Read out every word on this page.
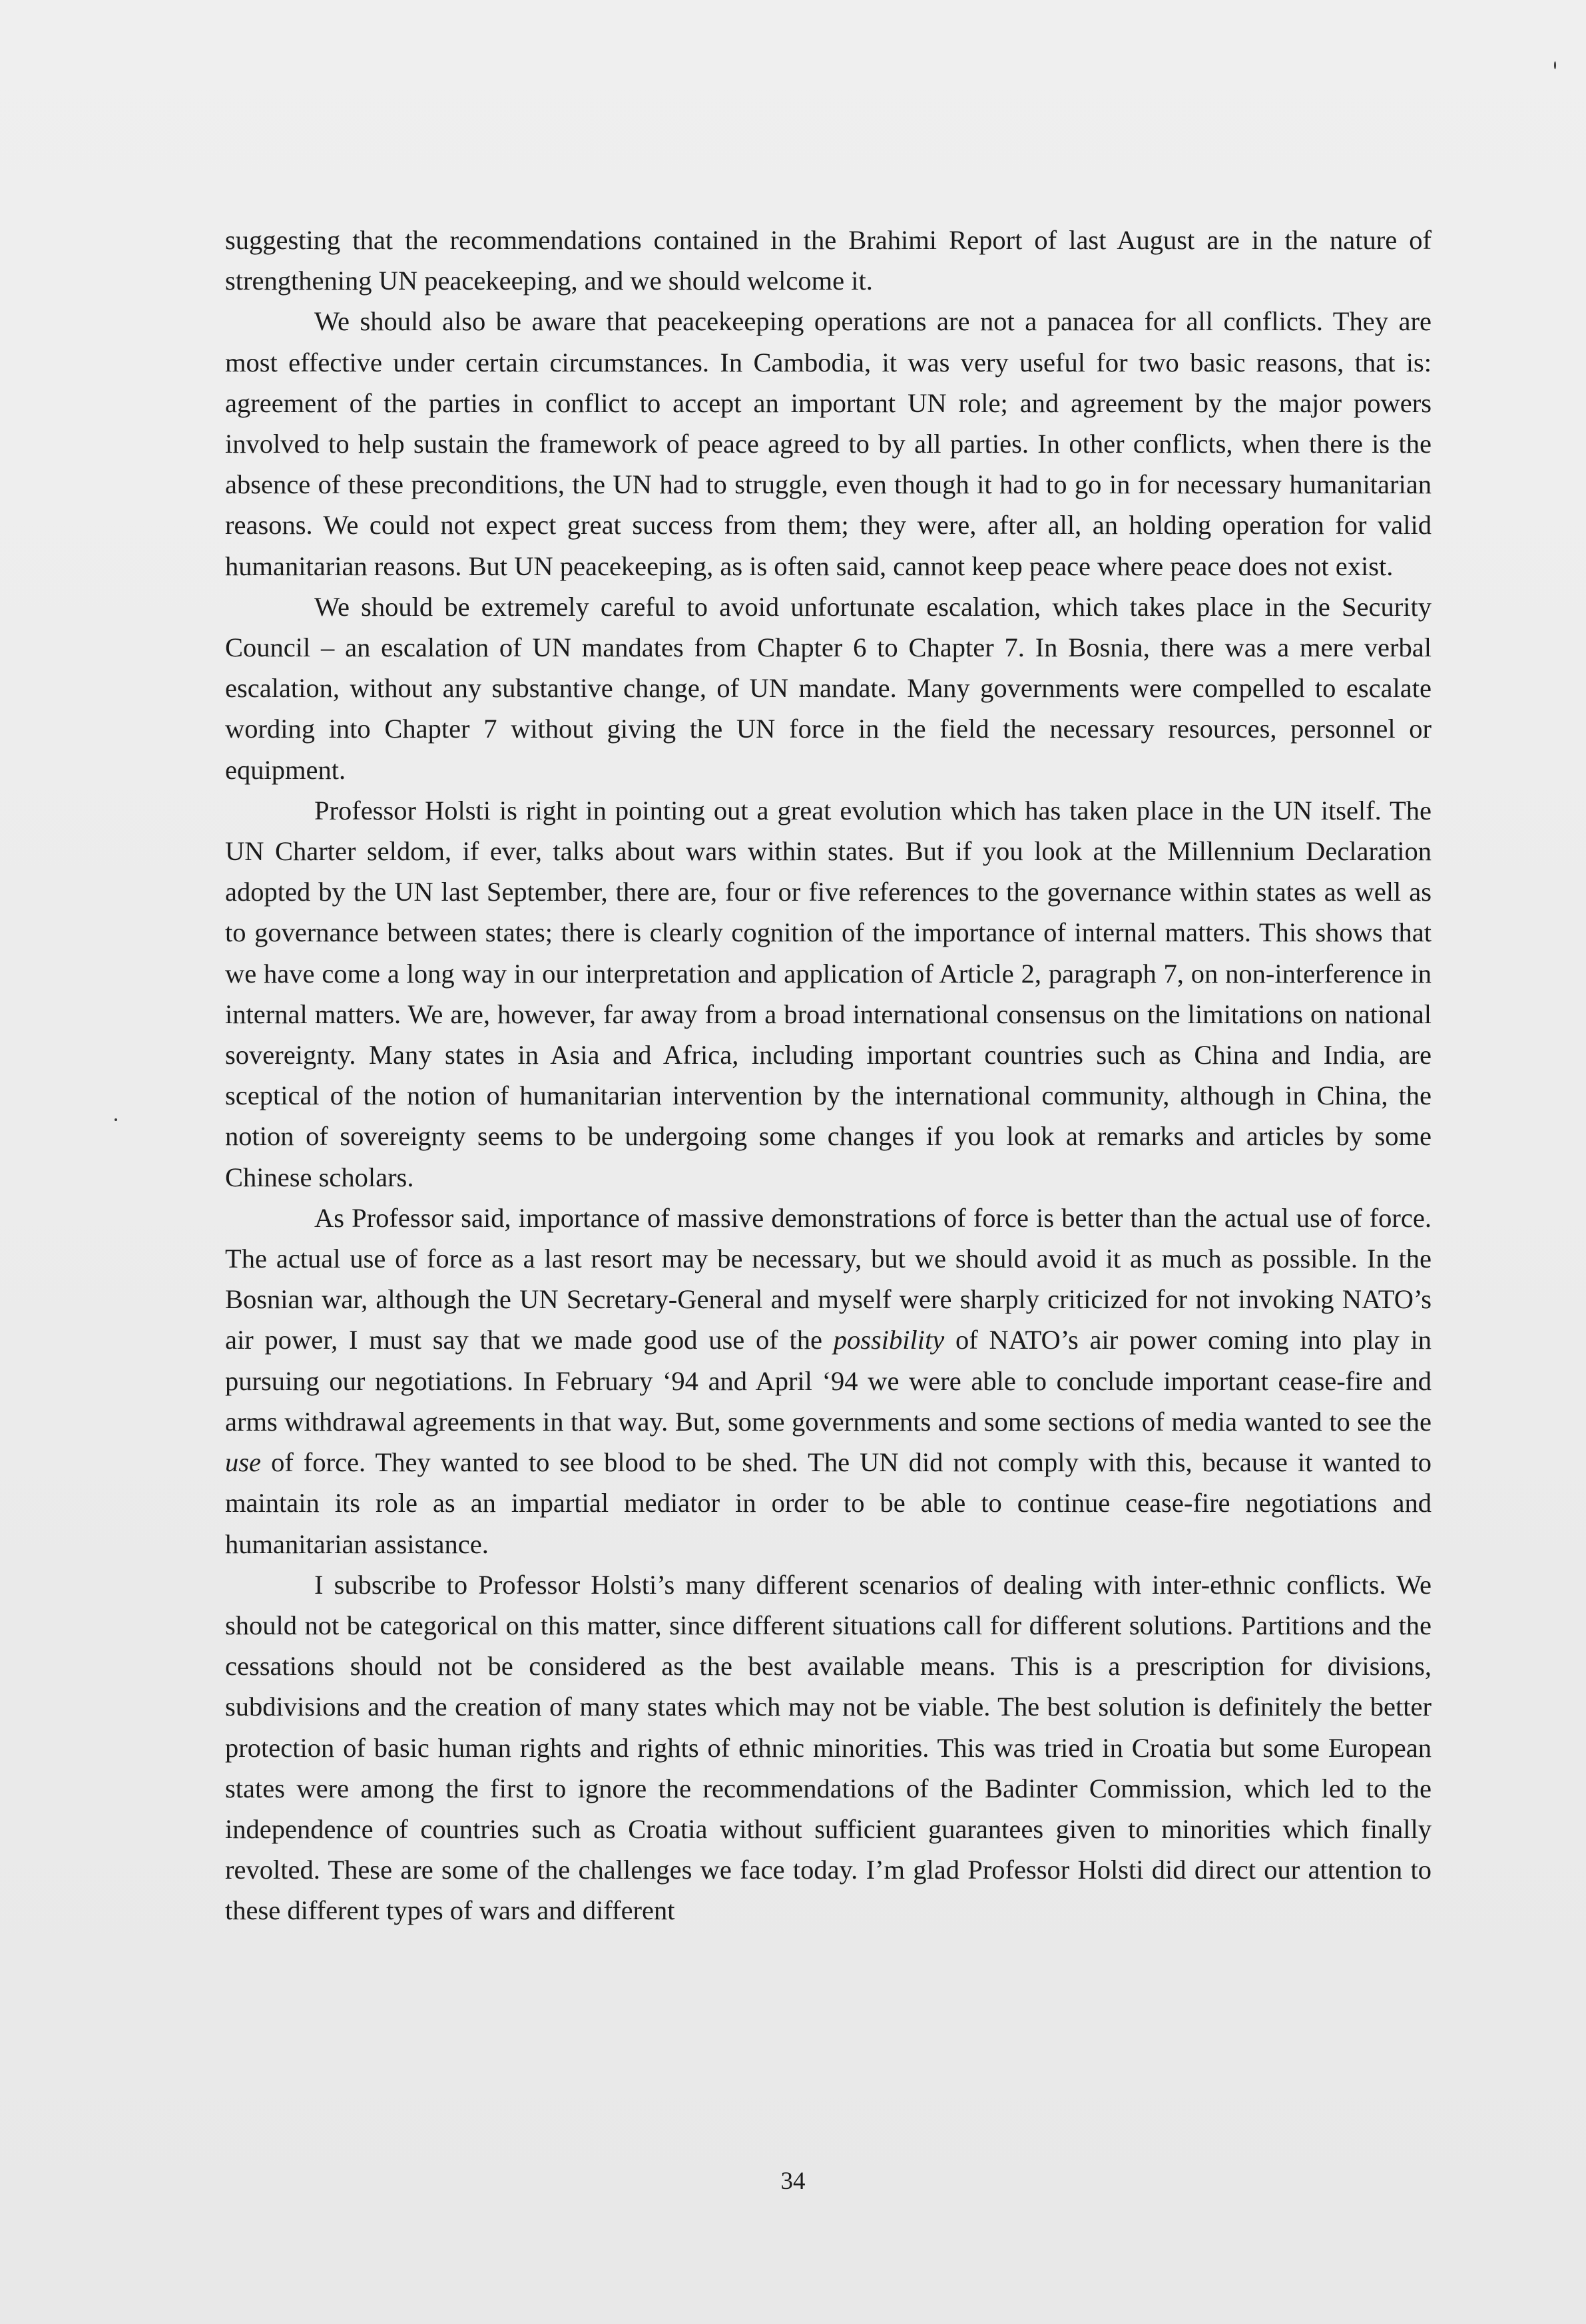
suggesting that the recommendations contained in the Brahimi Report of last August are in the nature of strengthening UN peacekeeping, and we should welcome it.

We should also be aware that peacekeeping operations are not a panacea for all conflicts. They are most effective under certain circumstances. In Cambodia, it was very useful for two basic reasons, that is: agreement of the parties in conflict to accept an important UN role; and agreement by the major powers involved to help sustain the framework of peace agreed to by all parties. In other conflicts, when there is the absence of these preconditions, the UN had to struggle, even though it had to go in for necessary humanitarian reasons. We could not expect great success from them; they were, after all, an holding operation for valid humanitarian reasons. But UN peacekeeping, as is often said, cannot keep peace where peace does not exist.

We should be extremely careful to avoid unfortunate escalation, which takes place in the Security Council – an escalation of UN mandates from Chapter 6 to Chapter 7. In Bosnia, there was a mere verbal escalation, without any substantive change, of UN mandate. Many governments were compelled to escalate wording into Chapter 7 without giving the UN force in the field the necessary resources, personnel or equipment.

Professor Holsti is right in pointing out a great evolution which has taken place in the UN itself. The UN Charter seldom, if ever, talks about wars within states. But if you look at the Millennium Declaration adopted by the UN last September, there are, four or five references to the governance within states as well as to governance between states; there is clearly cognition of the importance of internal matters. This shows that we have come a long way in our interpretation and application of Article 2, paragraph 7, on non-interference in internal matters. We are, however, far away from a broad international consensus on the limitations on national sovereignty. Many states in Asia and Africa, including important countries such as China and India, are sceptical of the notion of humanitarian intervention by the international community, although in China, the notion of sovereignty seems to be undergoing some changes if you look at remarks and articles by some Chinese scholars.

As Professor said, importance of massive demonstrations of force is better than the actual use of force. The actual use of force as a last resort may be necessary, but we should avoid it as much as possible. In the Bosnian war, although the UN Secretary-General and myself were sharply criticized for not invoking NATO’s air power, I must say that we made good use of the possibility of NATO’s air power coming into play in pursuing our negotiations. In February ‘94 and April ‘94 we were able to conclude important cease-fire and arms withdrawal agreements in that way. But, some governments and some sections of media wanted to see the use of force. They wanted to see blood to be shed. The UN did not comply with this, because it wanted to maintain its role as an impartial mediator in order to be able to continue cease-fire negotiations and humanitarian assistance.

I subscribe to Professor Holsti’s many different scenarios of dealing with inter-ethnic conflicts. We should not be categorical on this matter, since different situations call for different solutions. Partitions and the cessations should not be considered as the best available means. This is a prescription for divisions, subdivisions and the creation of many states which may not be viable. The best solution is definitely the better protection of basic human rights and rights of ethnic minorities. This was tried in Croatia but some European states were among the first to ignore the recommendations of the Badinter Commission, which led to the independence of countries such as Croatia without sufficient guarantees given to minorities which finally revolted. These are some of the challenges we face today. I’m glad Professor Holsti did direct our attention to these different types of wars and different

34
